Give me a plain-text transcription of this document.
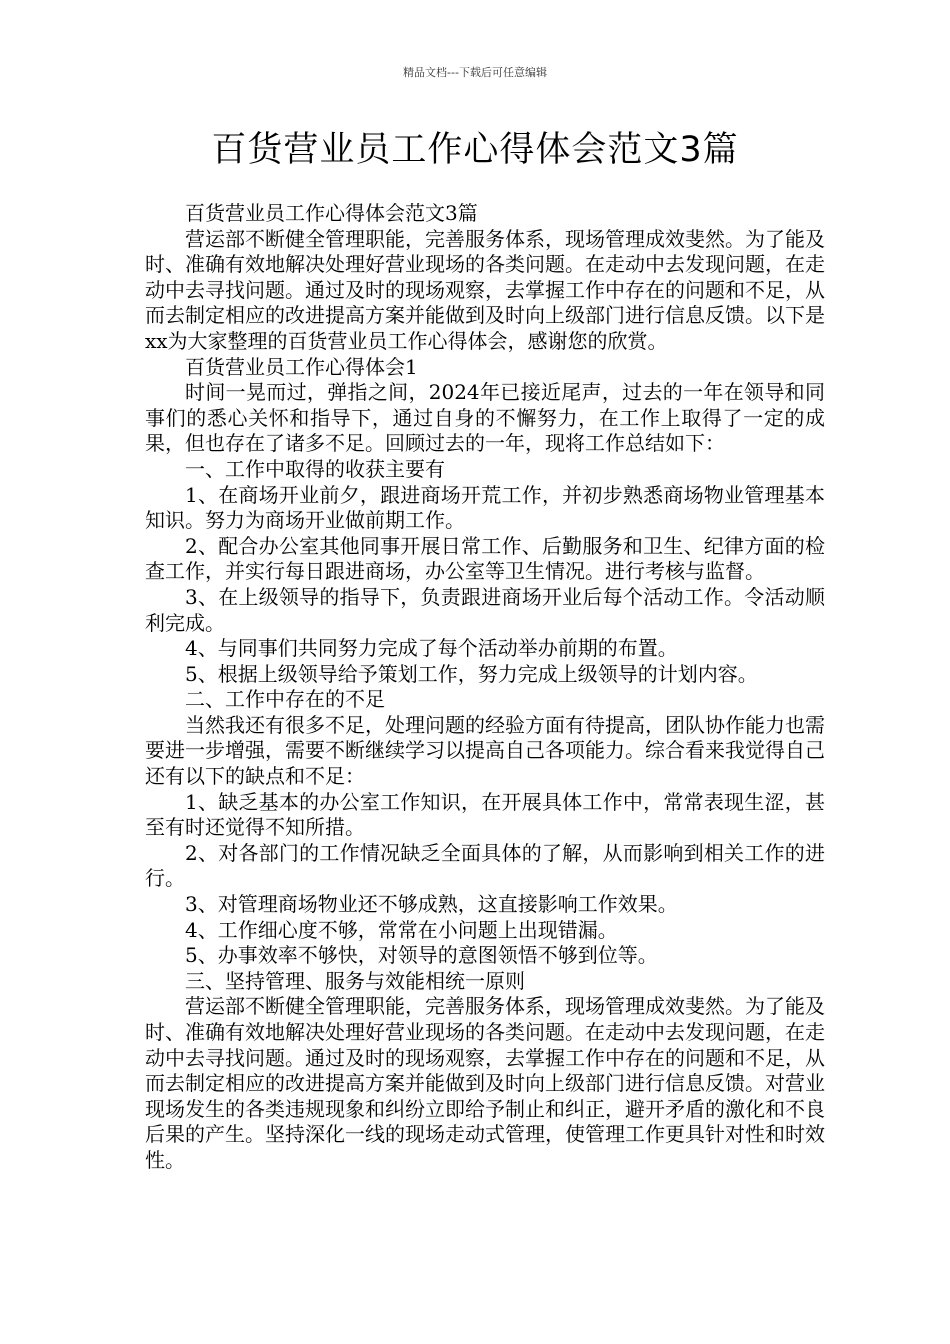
精品文档---下载后可任意编辑
百货营业员工作心得体会范文3篇

百货营业员工作心得体会范文3篇

营运部不断健全管理职能，完善服务体系，现场管理成效斐然。为了能及时、准确有效地解决处理好营业现场的各类问题。在走动中去发现问题，在走动中去寻找问题。通过及时的现场观察，去掌握工作中存在的问题和不足，从而去制定相应的改进提高方案并能做到及时向上级部门进行信息反馈。以下是xx为大家整理的百货营业员工作心得体会，感谢您的欣赏。

百货营业员工作心得体会1

时间一晃而过，弹指之间，2024年已接近尾声，过去的一年在领导和同事们的悉心关怀和指导下，通过自身的不懈努力，在工作上取得了一定的成果，但也存在了诸多不足。回顾过去的一年，现将工作总结如下：

一、工作中取得的收获主要有

1、在商场开业前夕，跟进商场开荒工作，并初步熟悉商场物业管理基本知识。努力为商场开业做前期工作。

2、配合办公室其他同事开展日常工作、后勤服务和卫生、纪律方面的检查工作，并实行每日跟进商场，办公室等卫生情况。进行考核与监督。

3、在上级领导的指导下，负责跟进商场开业后每个活动工作。令活动顺利完成。

4、与同事们共同努力完成了每个活动举办前期的布置。

5、根据上级领导给予策划工作，努力完成上级领导的计划内容。

二、工作中存在的不足

当然我还有很多不足，处理问题的经验方面有待提高，团队协作能力也需要进一步增强，需要不断继续学习以提高自己各项能力。综合看来我觉得自己还有以下的缺点和不足：

1、缺乏基本的办公室工作知识，在开展具体工作中，常常表现生涩，甚至有时还觉得不知所措。

2、对各部门的工作情况缺乏全面具体的了解，从而影响到相关工作的进行。

3、对管理商场物业还不够成熟，这直接影响工作效果。

4、工作细心度不够，常常在小问题上出现错漏。

5、办事效率不够快，对领导的意图领悟不够到位等。

三、坚持管理、服务与效能相统一原则

营运部不断健全管理职能，完善服务体系，现场管理成效斐然。为了能及时、准确有效地解决处理好营业现场的各类问题。在走动中去发现问题，在走动中去寻找问题。通过及时的现场观察，去掌握工作中存在的问题和不足，从而去制定相应的改进提高方案并能做到及时向上级部门进行信息反馈。对营业现场发生的各类违规现象和纠纷立即给予制止和纠正，避开矛盾的激化和不良后果的产生。坚持深化一线的现场走动式管理，使管理工作更具针对性和时效性。
